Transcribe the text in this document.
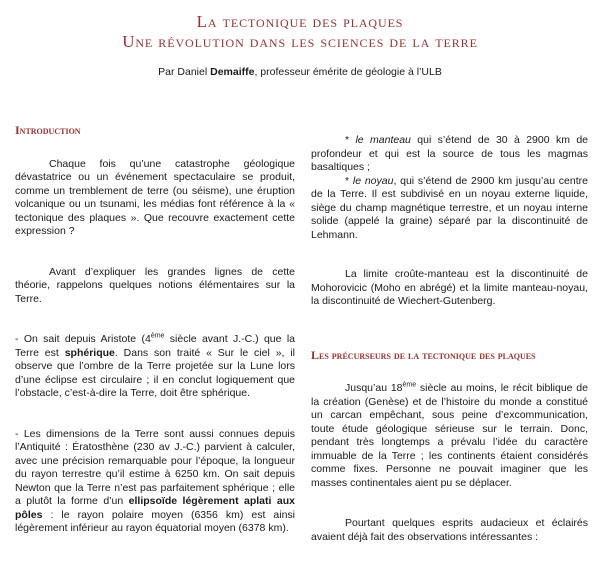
La tectonique des plaques
Une révolution dans les sciences de la terre
Par Daniel Demaiffe, professeur émérite de géologie à l’ULB
Introduction

Chaque fois qu’une catastrophe géologique dévastatrice ou un événement spectaculaire se produit, comme un tremblement de terre (ou séisme), une éruption volcanique ou un tsunami, les médias font référence à la « tectonique des plaques ». Que recouvre exactement cette expression ?

Avant d’expliquer les grandes lignes de cette théorie, rappelons quelques notions élémentaires sur la Terre.

- On sait depuis Aristote (4ème siècle avant J.-C.) que la Terre est sphérique. Dans son traité « Sur le ciel », il observe que l’ombre de la Terre projetée sur la Lune lors d’une éclipse est circulaire ; il en conclut logiquement que l’obstacle, c’est-à-dire la Terre, doit être sphérique.

- Les dimensions de la Terre sont aussi connues depuis l’Antiquité : Ératosthène (230 av J.-C.) parvient à calculer, avec une précision remarquable pour l’époque, la longueur du rayon terrestre qu’il estime à 6250 km. On sait depuis Newton que la Terre n’est pas parfaitement sphérique ; elle a plutôt la forme d’un ellipsoïde légèrement aplati aux pôles : le rayon polaire moyen (6356 km) est ainsi légèrement inférieur au rayon équatorial moyen (6378 km).

* le manteau qui s’étend de 30 à 2900 km de profondeur et qui est la source de tous les magmas basaltiques ;

* le noyau, qui s’étend de 2900 km jusqu’au centre de la Terre. Il est subdivisé en un noyau externe liquide, siège du champ magnétique terrestre, et un noyau interne solide (appelé la graine) séparé par la discontinuité de Lehmann.

La limite croûte-manteau est la discontinuité de Mohorovicic (Moho en abrégé) et la limite manteau-noyau, la discontinuité de Wiechert-Gutenberg.

Les précurseurs de la tectonique des plaques

Jusqu’au 18ème siècle au moins, le récit biblique de la création (Genèse) et de l’histoire du monde a constitué un carcan empêchant, sous peine d’excommunication, toute étude géologique sérieuse sur le terrain. Donc, pendant très longtemps a prévalu l’idée du caractère immuable de la Terre ; les continents étaient considérés comme fixes. Personne ne pouvait imaginer que les masses continentales aient pu se déplacer.

Pourtant quelques esprits audacieux et éclairés avaient déjà fait des observations intéressantes :
